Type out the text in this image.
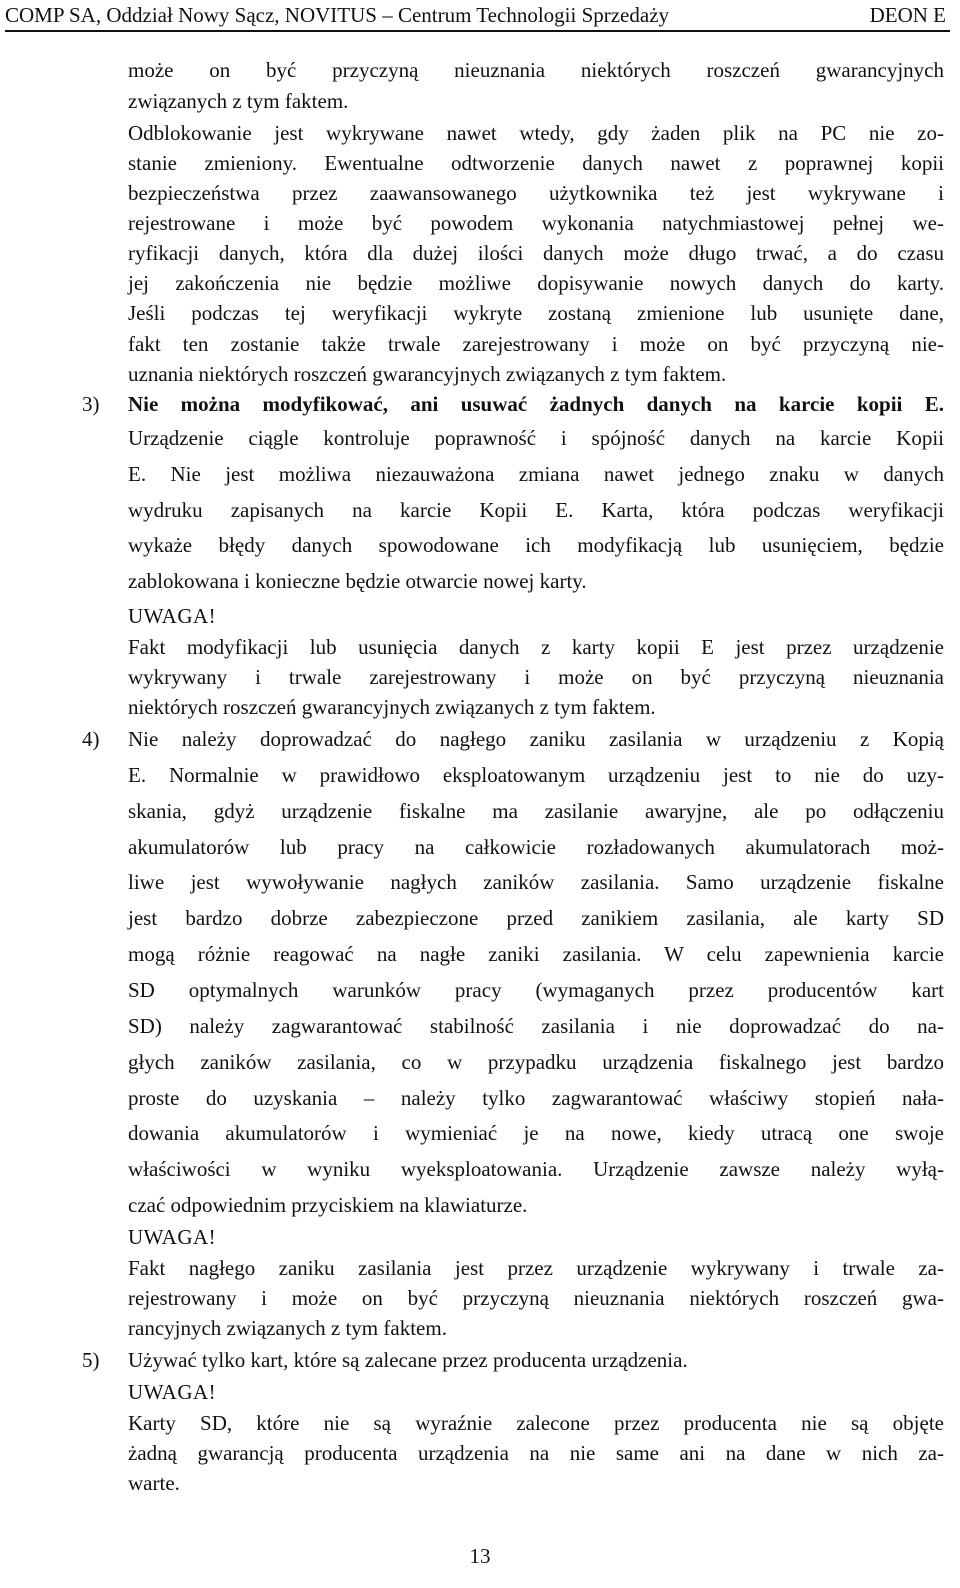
COMP SA, Oddział Nowy Sącz, NOVITUS – Centrum Technologii Sprzedaży	DEON E
może on być przyczyną nieuznania niektórych roszczeń gwarancyjnych
związanych z tym faktem.
Odblokowanie jest wykrywane nawet wtedy, gdy żaden plik na PC nie zo-
stanie zmieniony. Ewentualne odtworzenie danych nawet z poprawnej kopii
bezpieczeństwa przez zaawansowanego użytkownika też jest wykrywane i
rejestrowane i może być powodem wykonania natychmiastowej pełnej we-
ryfikacji danych, która dla dużej ilości danych może długo trwać, a do czasu
jej zakończenia nie będzie możliwe dopisywanie nowych danych do karty.
Jeśli podczas tej weryfikacji wykryte zostaną zmienione lub usunięte dane,
fakt ten zostanie także trwale zarejestrowany i może on być przyczyną nie-
uznania niektórych roszczeń gwarancyjnych związanych z tym faktem.
3) Nie można modyfikować, ani usuwać żadnych danych na karcie kopii E.
Urządzenie ciągle kontroluje poprawność i spójność danych na karcie Kopii
E. Nie jest możliwa niezauważona zmiana nawet jednego znaku w danych
wydruku zapisanych na karcie Kopii E. Karta, która podczas weryfikacji
wykaże błędy danych spowodowane ich modyfikacją lub usunięciem, będzie
zablokowana i konieczne będzie otwarcie nowej karty.
UWAGA!
Fakt modyfikacji lub usunięcia danych z karty kopii E jest przez urządzenie
wykrywany i trwale zarejestrowany i może on być przyczyną nieuznania
niektórych roszczeń gwarancyjnych związanych z tym faktem.
4) Nie należy doprowadzać do nagłego zaniku zasilania w urządzeniu z Kopią
E. Normalnie w prawidłowo eksploatowanym urządzeniu jest to nie do uzy-
skania, gdyż urządzenie fiskalne ma zasilanie awaryjne, ale po odłączeniu
akumulatorów lub pracy na całkowicie rozładowanych akumulatorach moż-
liwe jest wywoływanie nagłych zaników zasilania. Samo urządzenie fiskalne
jest bardzo dobrze zabezpieczone przed zanikiem zasilania, ale karty SD
mogą różnie reagować na nagłe zaniki zasilania. W celu zapewnienia karcie
SD optymalnych warunków pracy (wymaganych przez producentów kart
SD) należy zagwarantować stabilność zasilania i nie doprowadzać do na-
głych zaników zasilania, co w przypadku urządzenia fiskalnego jest bardzo
proste do uzyskania – należy tylko zagwarantować właściwy stopień nała-
dowania akumulatorów i wymieniać je na nowe, kiedy utracą one swoje
właściwości w wyniku wyeksploatowania. Urządzenie zawsze należy wyłą-
czać odpowiednim przyciskiem na klawiaturze.
UWAGA!
Fakt nagłego zaniku zasilania jest przez urządzenie wykrywany i trwale za-
rejestrowany i może on być przyczyną nieuznania niektórych roszczeń gwa-
rancyjnych związanych z tym faktem.
5) Używać tylko kart, które są zalecane przez producenta urządzenia.
UWAGA!
Karty SD, które nie są wyraźnie zalecone przez producenta nie są objęte
żadną gwarancją producenta urządzenia na nie same ani na dane w nich za-
warte.
13
